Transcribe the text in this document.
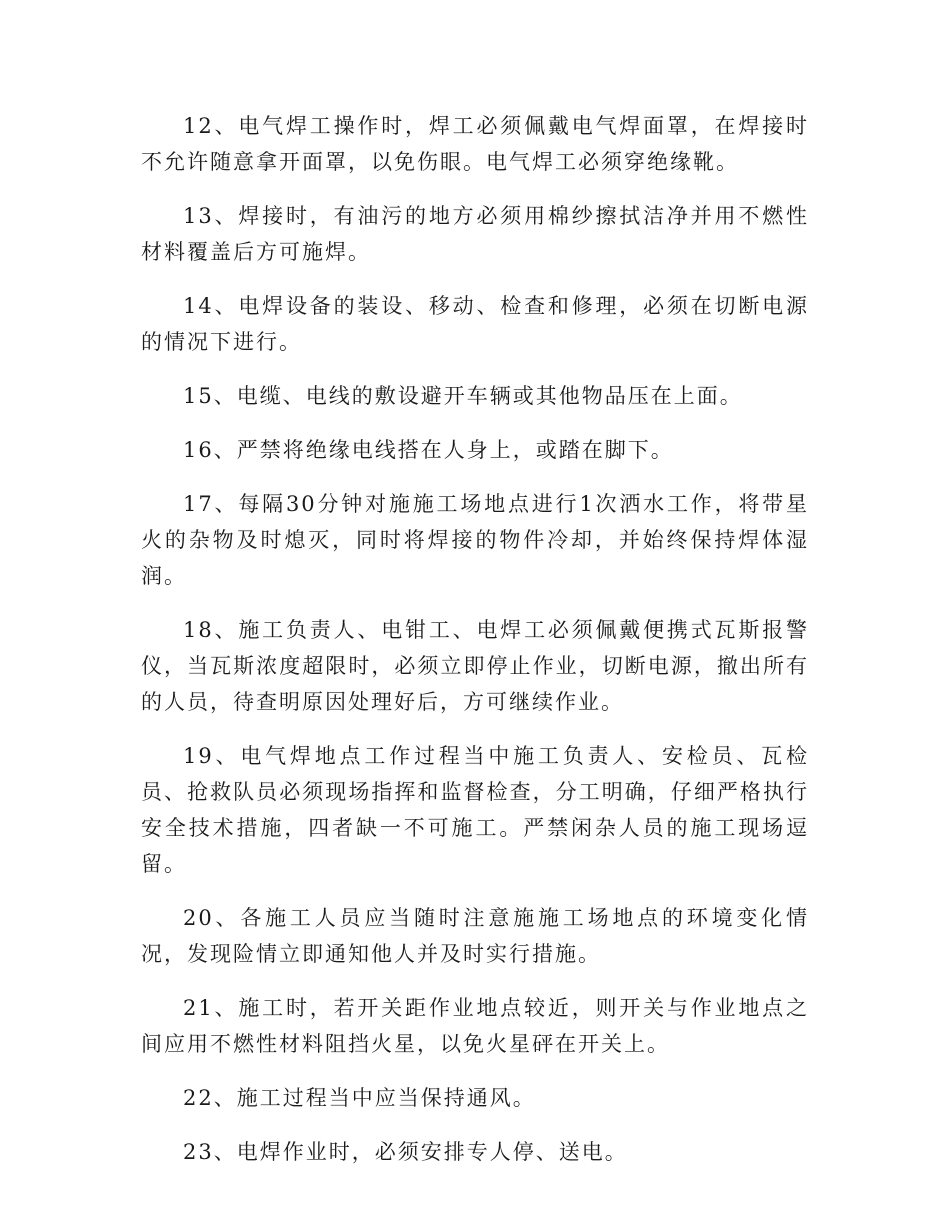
12、电气焊工操作时，焊工必须佩戴电气焊面罩，在焊接时不允许随意拿开面罩，以免伤眼。电气焊工必须穿绝缘靴。

13、焊接时，有油污的地方必须用棉纱擦拭洁净并用不燃性材料覆盖后方可施焊。

14、电焊设备的装设、移动、检查和修理，必须在切断电源的情况下进行。

15、电缆、电线的敷设避开车辆或其他物品压在上面。

16、严禁将绝缘电线搭在人身上，或踏在脚下。

17、每隔30分钟对施施工场地点进行1次洒水工作，将带星火的杂物及时熄灭，同时将焊接的物件冷却，并始终保持焊体湿润。

18、施工负责人、电钳工、电焊工必须佩戴便携式瓦斯报警仪，当瓦斯浓度超限时，必须立即停止作业，切断电源，撤出所有的人员，待查明原因处理好后，方可继续作业。

19、电气焊地点工作过程当中施工负责人、安检员、瓦检员、抢救队员必须现场指挥和监督检查，分工明确，仔细严格执行安全技术措施，四者缺一不可施工。严禁闲杂人员的施工现场逗留。

20、各施工人员应当随时注意施施工场地点的环境变化情况，发现险情立即通知他人并及时实行措施。

21、施工时，若开关距作业地点较近，则开关与作业地点之间应用不燃性材料阻挡火星，以免火星砰在开关上。

22、施工过程当中应当保持通风。

23、电焊作业时，必须安排专人停、送电。
